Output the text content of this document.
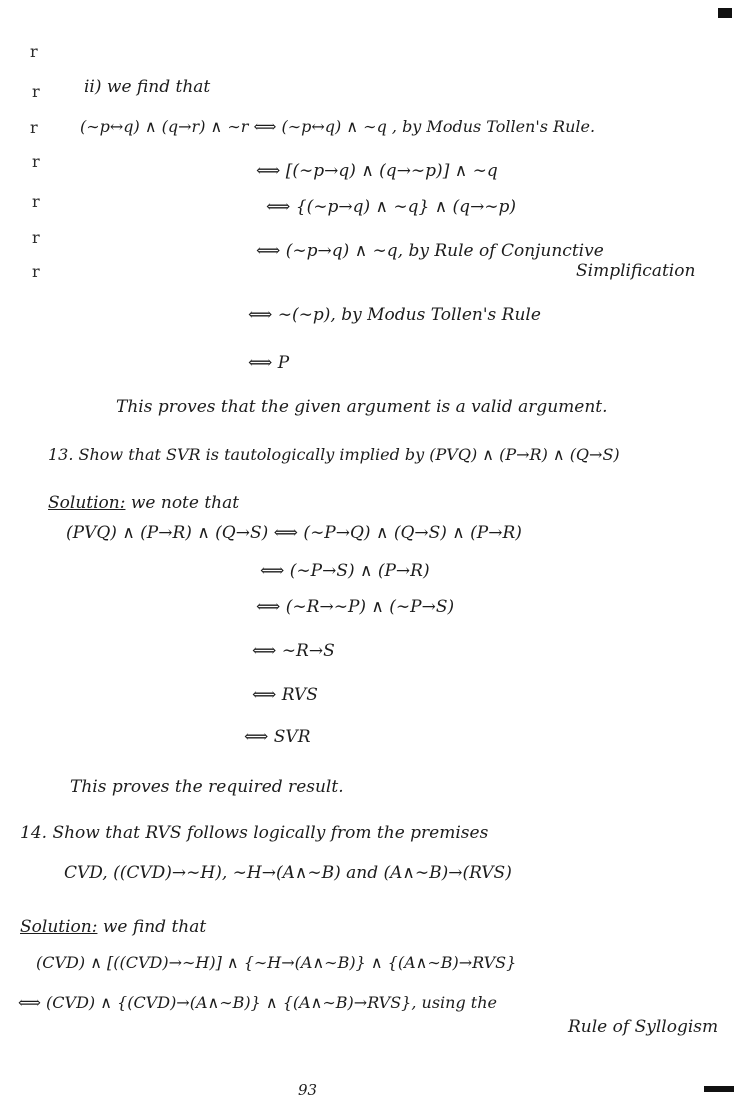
r
r
r
r
r
r
r
ii) we find that
(∼p↔q) ∧ (q→r) ∧ ∼r ⟺ (∼p↔q) ∧ ∼q , by Modus Tollen's Rule.
⟺ [(∼p→q) ∧ (q→∼p)] ∧ ∼q
⟺ {(∼p→q) ∧ ∼q} ∧ (q→∼p)
⟺ (∼p→q) ∧ ∼q, by Rule of Conjunctive
Simplification
⟺ ∼(∼p), by Modus Tollen's Rule
⟺ P
This proves that the given argument is a valid argument.
13. Show that SVR is tautologically implied by (PVQ) ∧ (P→R) ∧ (Q→S)
Solution: we note that
(PVQ) ∧ (P→R) ∧ (Q→S) ⟺ (∼P→Q) ∧ (Q→S) ∧ (P→R)
⟺ (∼P→S) ∧ (P→R)
⟺ (∼R→∼P) ∧ (∼P→S)
⟺ ∼R→S
⟺ RVS
⟺ SVR
This proves the required result.
14. Show that RVS follows logically from the premises
CVD, ((CVD)→∼H), ∼H→(A∧∼B) and (A∧∼B)→(RVS)
Solution: we find that
(CVD) ∧ [((CVD)→∼H)] ∧ {∼H→(A∧∼B)} ∧ {(A∧∼B)→RVS}
⟺ (CVD) ∧ {(CVD)→(A∧∼B)} ∧ {(A∧∼B)→RVS}, using the
Rule of Syllogism
93
